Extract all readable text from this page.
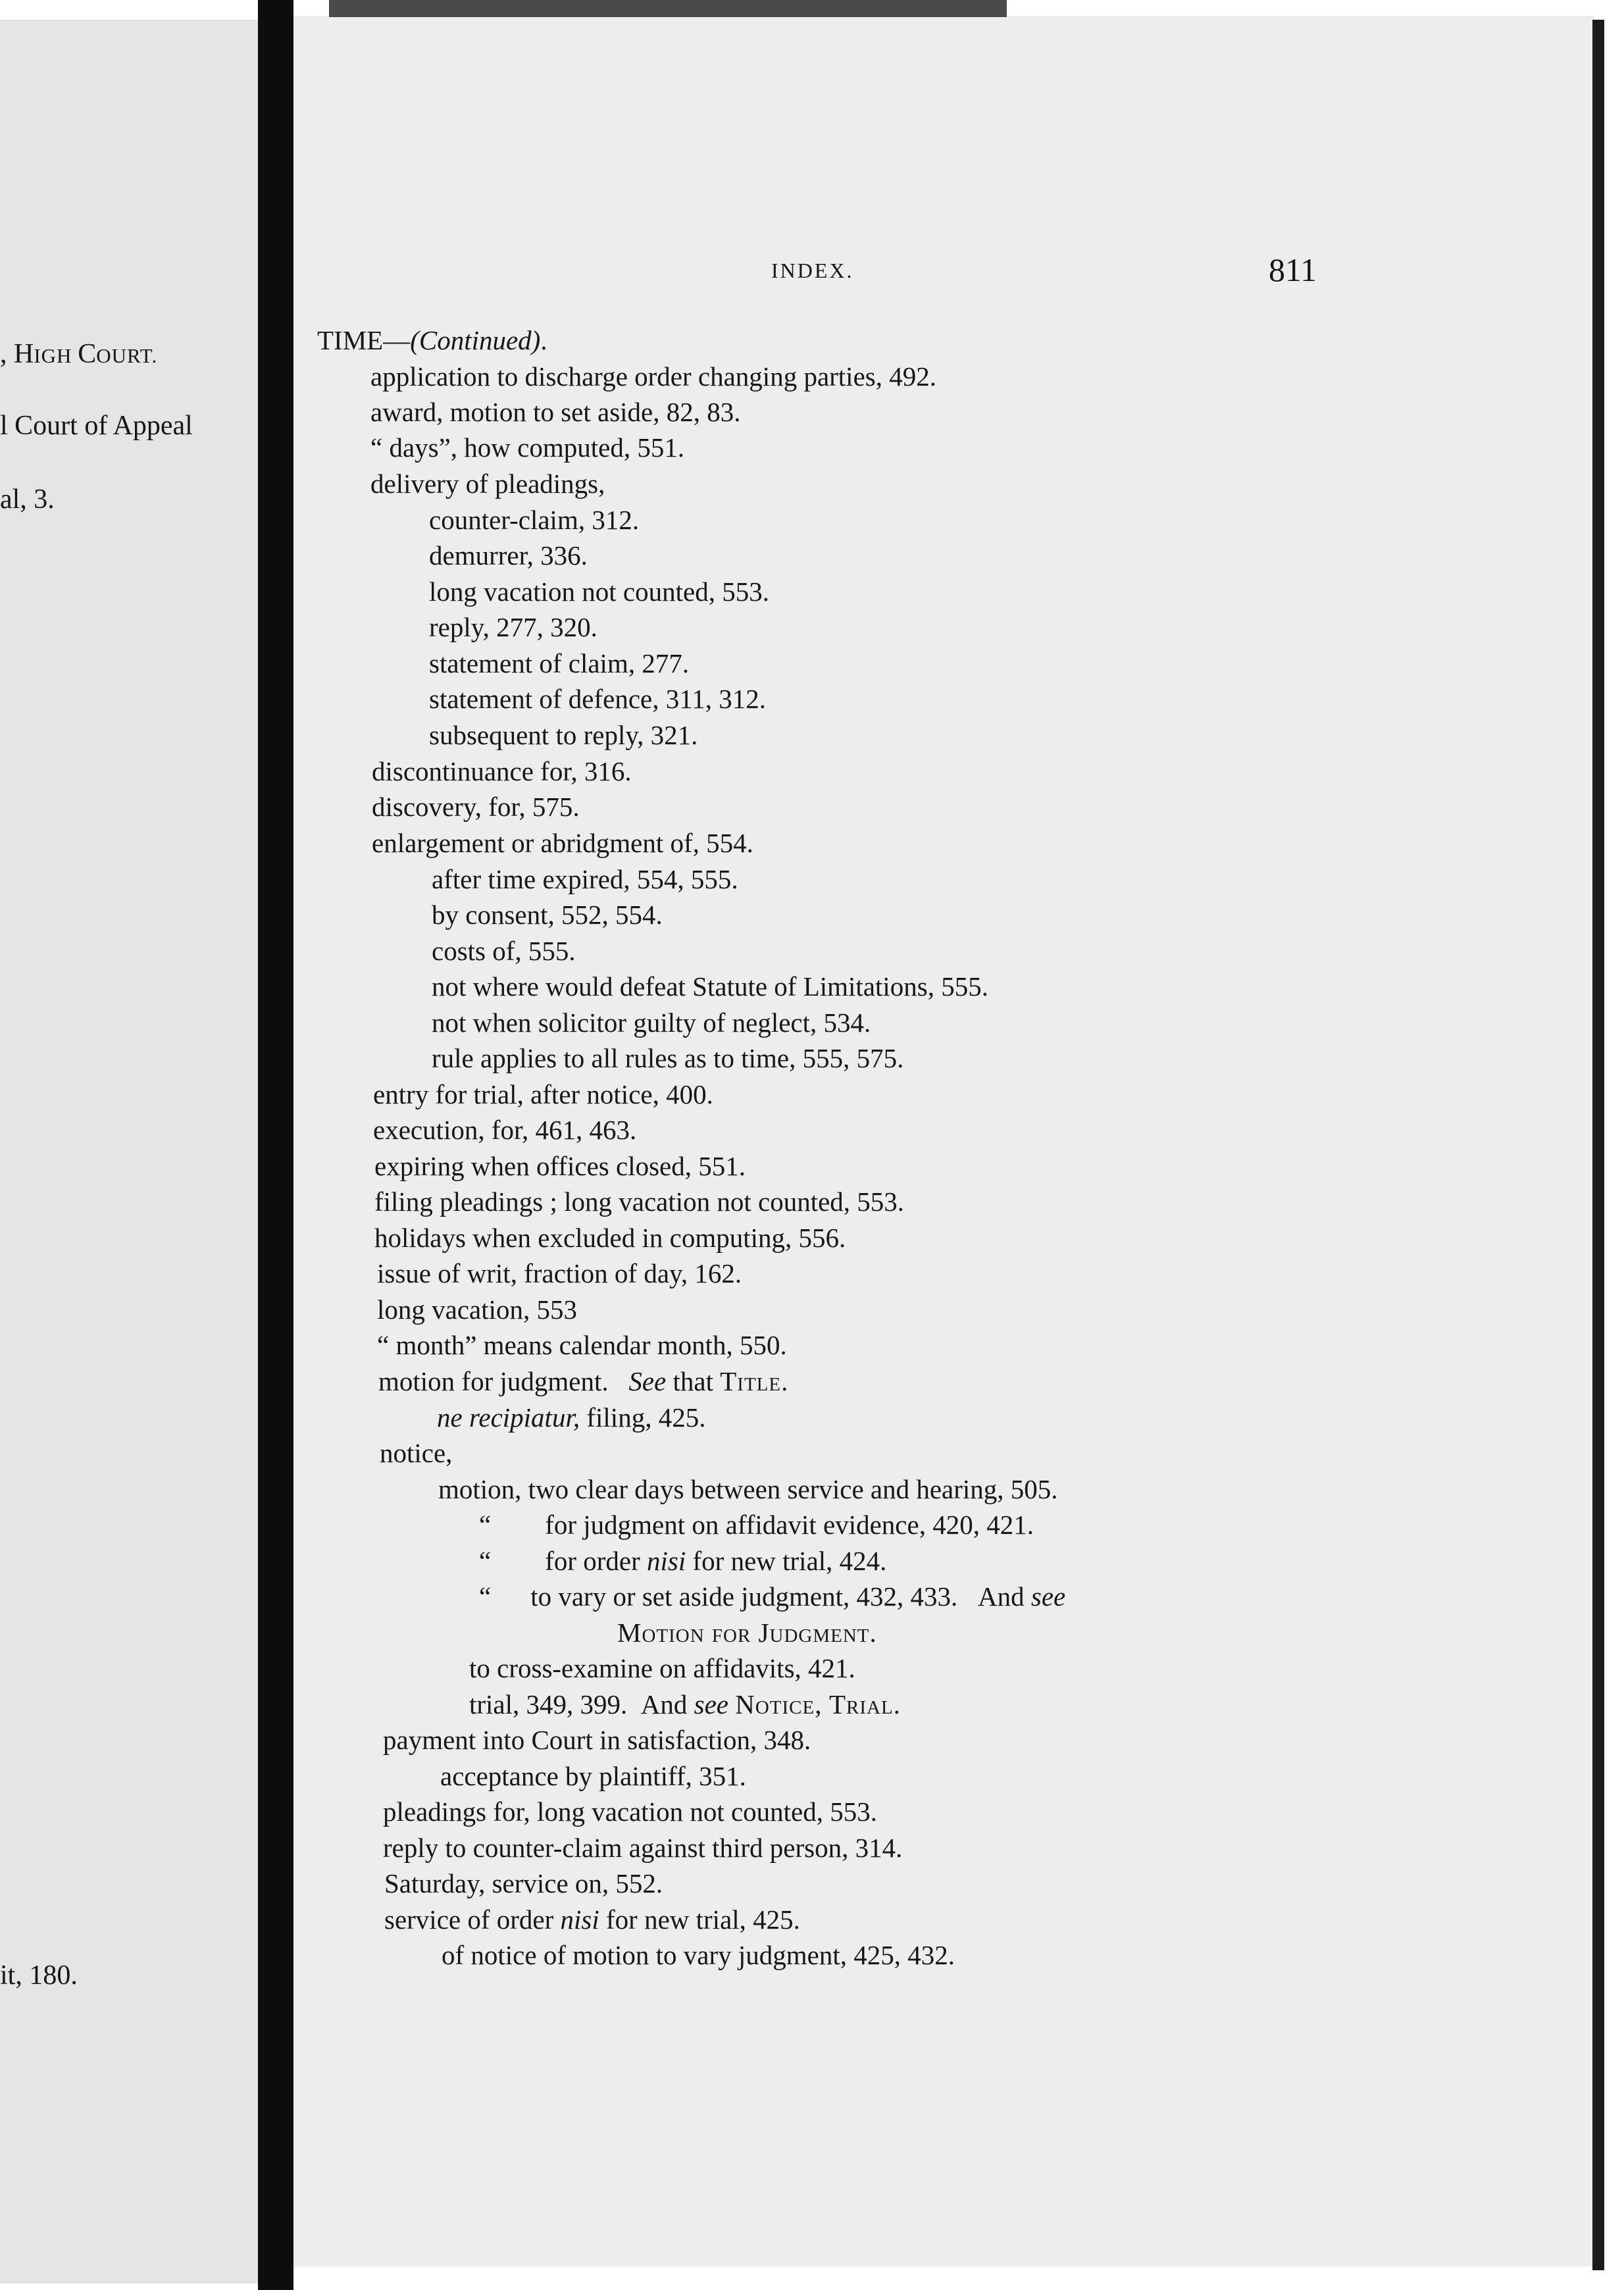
, HIGH COURT.
l Court of Appeal
al, 3.
it, 180.
INDEX.	811
TIME—(Continued).
application to discharge order changing parties, 492.
award, motion to set aside, 82, 83.
“ days”, how computed, 551.
delivery of pleadings,
counter-claim, 312.
demurrer, 336.
long vacation not counted, 553.
reply, 277, 320.
statement of claim, 277.
statement of defence, 311, 312.
subsequent to reply, 321.
discontinuance for, 316.
discovery, for, 575.
enlargement or abridgment of, 554.
after time expired, 554, 555.
by consent, 552, 554.
costs of, 555.
not where would defeat Statute of Limitations, 555.
not when solicitor guilty of neglect, 534.
rule applies to all rules as to time, 555, 575.
entry for trial, after notice, 400.
execution, for, 461, 463.
expiring when offices closed, 551.
filing pleadings ; long vacation not counted, 553.
holidays when excluded in computing, 556.
issue of writ, fraction of day, 162.
long vacation, 553
“ month” means calendar month, 550.
motion for judgment. See that Title.
ne recipiatur, filing, 425.
notice,
motion, two clear days between service and hearing, 505.
“ for judgment on affidavit evidence, 420, 421.
“ for order nisi for new trial, 424.
“ to vary or set aside judgment, 432, 433. And see
Motion for Judgment.
to cross-examine on affidavits, 421.
trial, 349, 399. And see Notice, Trial.
payment into Court in satisfaction, 348.
acceptance by plaintiff, 351.
pleadings for, long vacation not counted, 553.
reply to counter-claim against third person, 314.
Saturday, service on, 552.
service of order nisi for new trial, 425.
of notice of motion to vary judgment, 425, 432.
